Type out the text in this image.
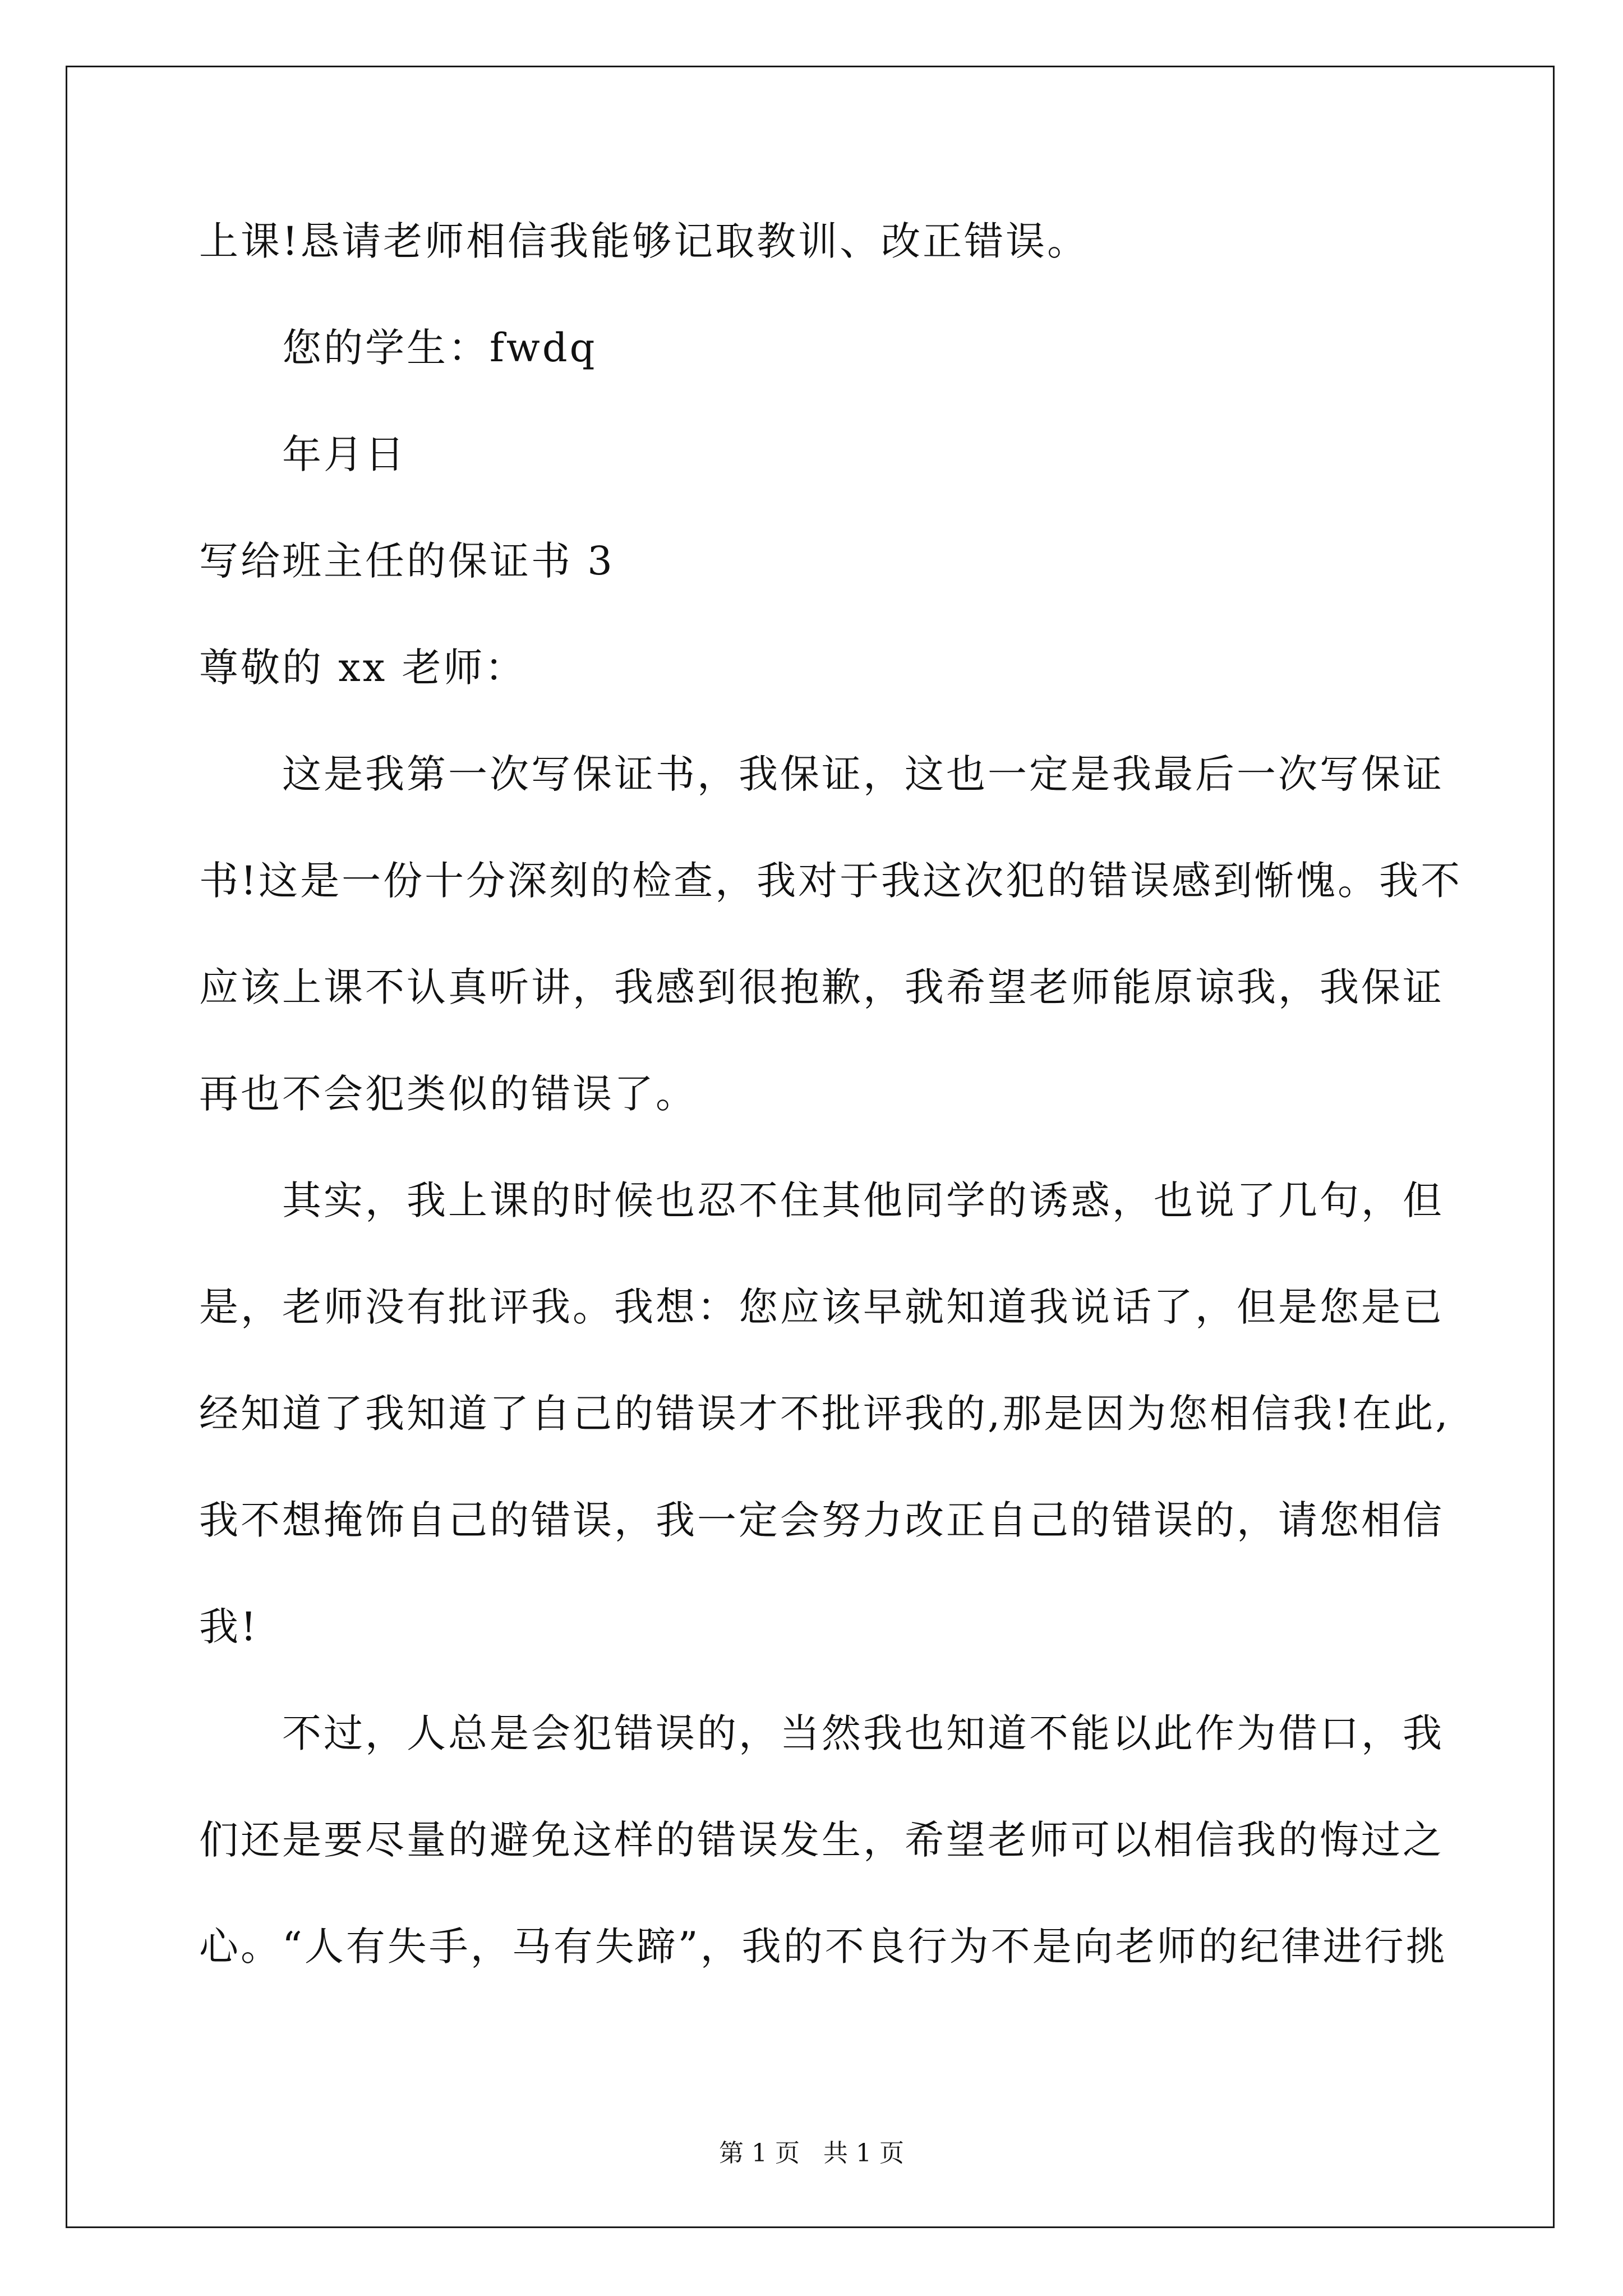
上课!恳请老师相信我能够记取教训、改正错误。
您的学生：fwdq
年月日
写给班主任的保证书 3
尊敬的 xx 老师：
这是我第一次写保证书，我保证，这也一定是我最后一次写保证
书!这是一份十分深刻的检查，我对于我这次犯的错误感到惭愧。我不
应该上课不认真听讲，我感到很抱歉，我希望老师能原谅我，我保证
再也不会犯类似的错误了。
其实，我上课的时候也忍不住其他同学的诱惑，也说了几句，但
是，老师没有批评我。我想：您应该早就知道我说话了，但是您是已
经知道了我知道了自己的错误才不批评我的,那是因为您相信我!在此,
我不想掩饰自己的错误，我一定会努力改正自己的错误的，请您相信
我!
不过，人总是会犯错误的，当然我也知道不能以此作为借口，我
们还是要尽量的避免这样的错误发生，希望老师可以相信我的悔过之
心。“人有失手，马有失蹄”，我的不良行为不是向老师的纪律进行挑
第 1 页   共 1 页
